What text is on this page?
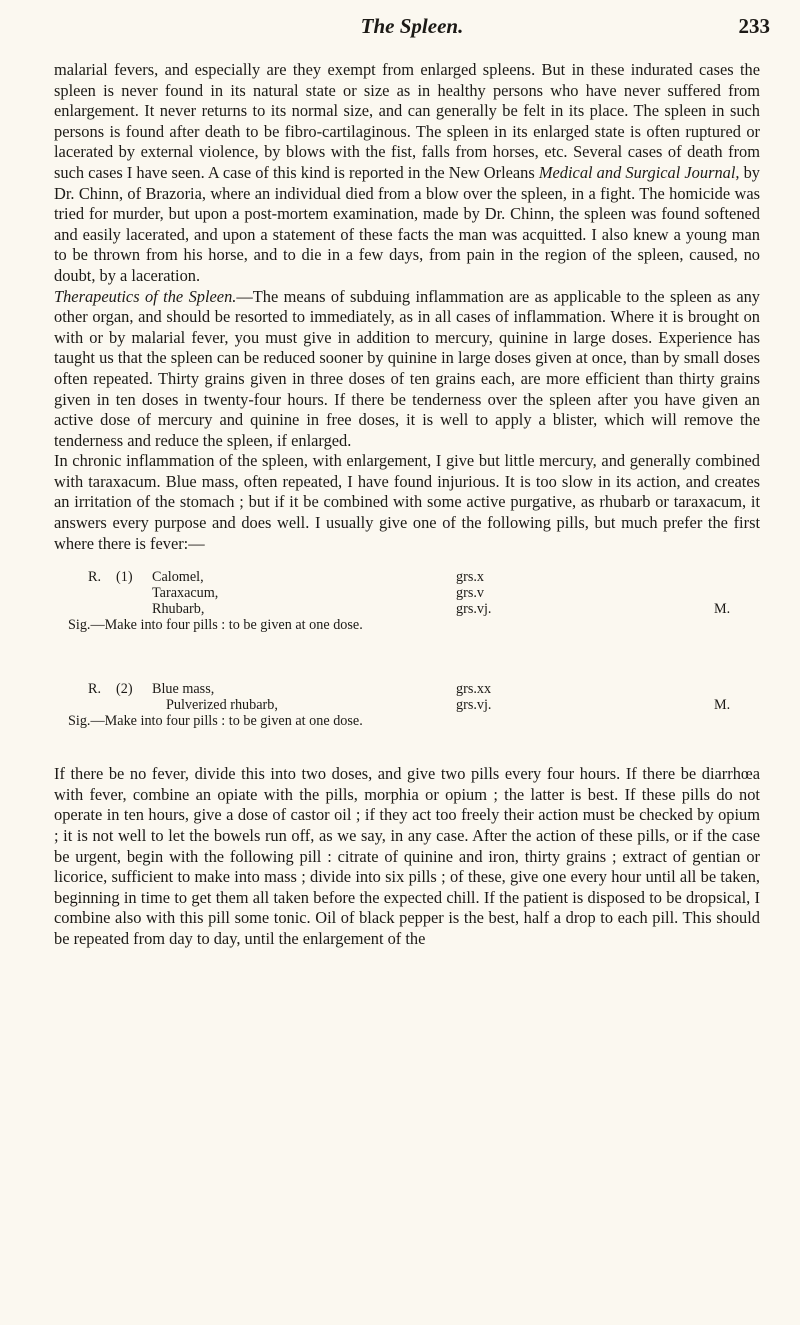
The Spleen.	233

malarial fevers, and especially are they exempt from enlarged spleens. But in these indurated cases the spleen is never found in its natural state or size as in healthy persons who have never suffered from enlargement. It never returns to its normal size, and can generally be felt in its place. The spleen in such persons is found after death to be fibro-cartilaginous. The spleen in its enlarged state is often ruptured or lacerated by external violence, by blows with the fist, falls from horses, etc. Several cases of death from such cases I have seen. A case of this kind is reported in the New Orleans Medical and Surgical Journal, by Dr. Chinn, of Brazoria, where an individual died from a blow over the spleen, in a fight. The homicide was tried for murder, but upon a post-mortem examination, made by Dr. Chinn, the spleen was found softened and easily lacerated, and upon a statement of these facts the man was acquitted. I also knew a young man to be thrown from his horse, and to die in a few days, from pain in the region of the spleen, caused, no doubt, by a laceration.

Therapeutics of the Spleen.—The means of subduing inflammation are as applicable to the spleen as any other organ, and should be resorted to immediately, as in all cases of inflammation. Where it is brought on with or by malarial fever, you must give in addition to mercury, quinine in large doses. Experience has taught us that the spleen can be reduced sooner by quinine in large doses given at once, than by small doses often repeated. Thirty grains given in three doses of ten grains each, are more efficient than thirty grains given in ten doses in twenty-four hours. If there be tenderness over the spleen after you have given an active dose of mercury and quinine in free doses, it is well to apply a blister, which will remove the tenderness and reduce the spleen, if enlarged.

In chronic inflammation of the spleen, with enlargement, I give but little mercury, and generally combined with taraxacum. Blue mass, often repeated, I have found injurious. It is too slow in its action, and creates an irritation of the stomach ; but if it be combined with some active purgative, as rhubarb or taraxacum, it answers every purpose and does well. I usually give one of the following pills, but much prefer the first where there is fever:—

R. (1) Calomel,	grs.x
Taraxacum,	grs.v
Rhubarb,	grs.vj.	M.
Sig.—Make into four pills : to be given at one dose.
R. (2) Blue mass,	grs.xx
Pulverized rhubarb,	grs.vj.	M.
Sig.—Make into four pills : to be given at one dose.

If there be no fever, divide this into two doses, and give two pills every four hours. If there be diarrhœa with fever, combine an opiate with the pills, morphia or opium ; the latter is best. If these pills do not operate in ten hours, give a dose of castor oil ; if they act too freely their action must be checked by opium ; it is not well to let the bowels run off, as we say, in any case. After the action of these pills, or if the case be urgent, begin with the following pill : citrate of quinine and iron, thirty grains ; extract of gentian or licorice, sufficient to make into mass ; divide into six pills ; of these, give one every hour until all be taken, beginning in time to get them all taken before the expected chill. If the patient is disposed to be dropsical, I combine also with this pill some tonic. Oil of black pepper is the best, half a drop to each pill. This should be repeated from day to day, until the enlargement of the
